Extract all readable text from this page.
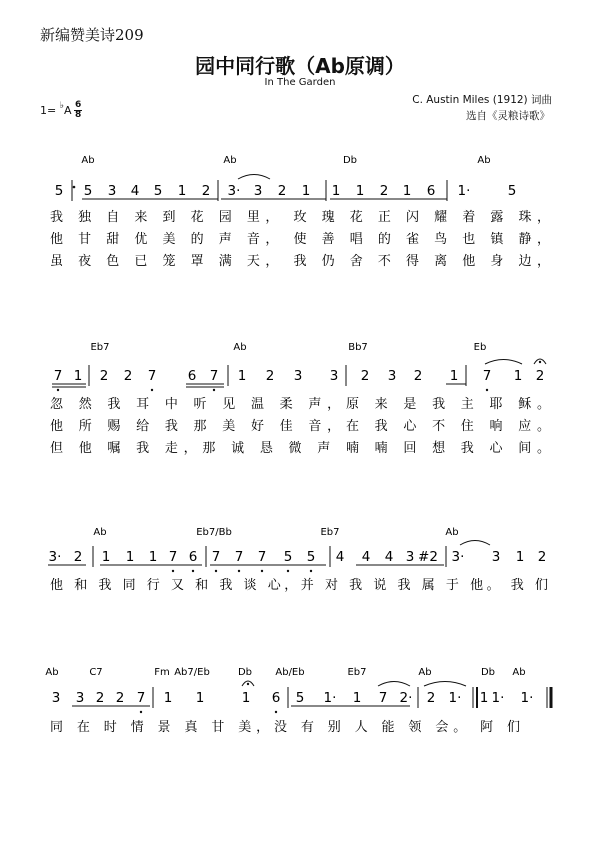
新编赞美诗209
园中同行歌（Ab原调）
In The Garden
C. Austin Miles (1912) 词曲
选自《灵粮诗歌》
$1= ^♭A \frac{6}{8}$
Ab	Ab	Db	Ab
Eb7	Ab	Bb7	Eb
Ab	Eb7/Bb	Eb7	Ab
Ab	C7	Fm Ab7/Eb	Db Ab/Eb	Eb7	Ab	Db Ab
5 5 3 4 5 1 2 3· 3 2 1 1 1 2 1 6 1·	5
7 1 2 2 7 6 7 1 2 3 3 2 3 2 1 7 1 2
3· 2 1 1 1 7 6 7 7 7 5 5 4 4 4 3 #2 3· 3 1 2
3 3 2 2 7 1 1	1 6 5 1· 1 7 2· 2 1· 1 1· 1·
我 独 自 来 到 花 园 里， 玫 瑰 花 正 闪 耀 着 露 珠，
他 甘 甜 优 美 的 声 音， 使 善 唱 的 雀 鸟 也 镇 静，
虽 夜 色 已 笼 罩 满 天， 我 仍 舍 不 得 离 他 身 边，
忽 然 我 耳 中 听 见 温 柔 声，原 来 是 我 主 耶 稣。
他 所 赐 给 我 那 美 好 佳 音，在 我 心 不 住 响 应。
但 他 嘱 我 走，那 诚 恳 微 声 喃 喃 回 想 我 心 间。
他 和 我 同 行 又 和 我 谈 心，并 对 我 说 我 属 于 他。 我 们
同 在 时 情 景 真 甘 美，没 有 别 人 能 领 会。 阿 们
